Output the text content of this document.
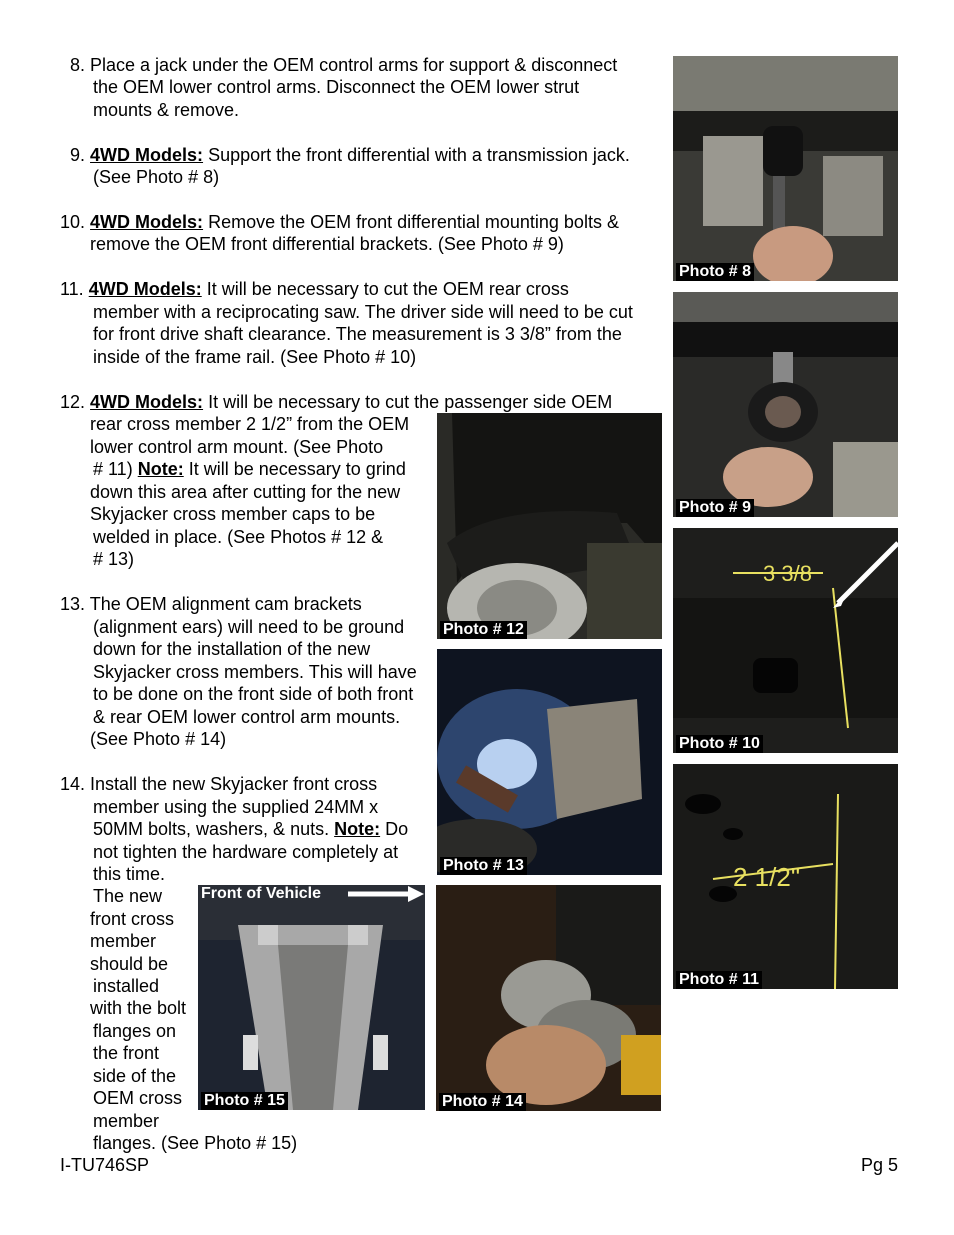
8. Place a jack under the OEM control arms for support & disconnect
the OEM lower control arms. Disconnect the OEM lower strut
mounts & remove.
9. 4WD Models: Support the front differential with a transmission jack.
(See Photo # 8)
10. 4WD Models: Remove the OEM front differential mounting bolts &
remove the OEM front differential brackets. (See Photo # 9)
11. 4WD Models: It will be necessary to cut the OEM rear cross
member with a reciprocating saw. The driver side will need to be cut
for front drive shaft clearance. The measurement is 3 3/8” from the
inside of the frame rail. (See Photo # 10)
12. 4WD Models: It will be necessary to cut the passenger side OEM
rear cross member 2 1/2” from the OEM
lower control arm mount. (See Photo
# 11) Note: It will be necessary to grind
down this area after cutting for the new
Skyjacker cross member caps to be
welded in place. (See Photos # 12 &
# 13)
13. The OEM alignment cam brackets
(alignment ears) will need to be ground
down for the installation of the new
Skyjacker cross members. This will have
to be done on the front side of both front
& rear OEM lower control arm mounts.
(See Photo # 14)
14. Install the new Skyjacker front cross
member using the supplied 24MM x
50MM bolts, washers, & nuts. Note: Do
not tighten the hardware completely at
this time.
The new
front cross
member
should be
installed
with the bolt
flanges on
the front
side of the
OEM cross
member
flanges. (See Photo # 15)
Photo # 8
Photo # 9
3 3/8
Photo # 10
2 1/2"
Photo # 11
Photo # 12
Photo # 13
Photo # 14
Front of Vehicle
Photo # 15
I-TU746SP	Pg 5
